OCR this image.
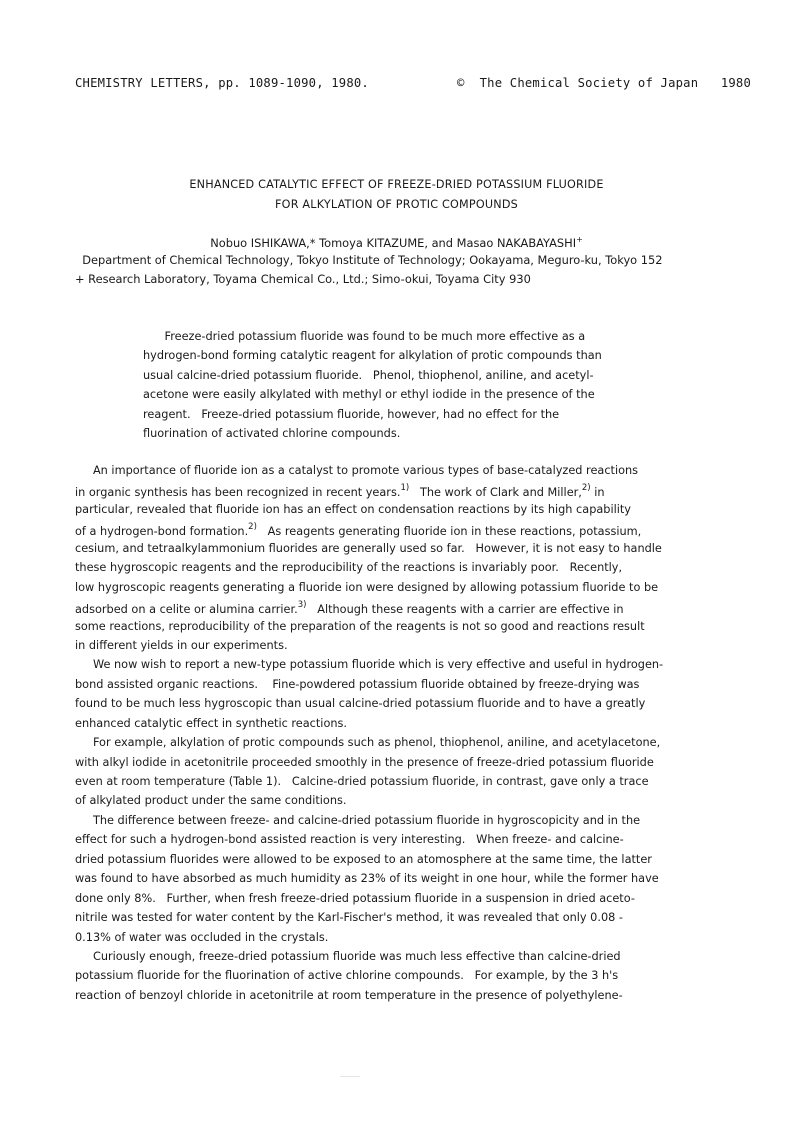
CHEMISTRY LETTERS, pp. 1089-1090, 1980.	©  The Chemical Society of Japan   1980
ENHANCED CATALYTIC EFFECT OF FREEZE-DRIED POTASSIUM FLUORIDE
FOR ALKYLATION OF PROTIC COMPOUNDS
Nobuo ISHIKAWA,* Tomoya KITAZUME, and Masao NAKABAYASHI+
Department of Chemical Technology, Tokyo Institute of Technology; Ookayama, Meguro-ku, Tokyo 152
+ Research Laboratory, Toyama Chemical Co., Ltd.; Simo-okui, Toyama City 930
Freeze-dried potassium fluoride was found to be much more effective as a
hydrogen-bond forming catalytic reagent for alkylation of protic compounds than
usual calcine-dried potassium fluoride.   Phenol, thiophenol, aniline, and acetyl-
acetone were easily alkylated with methyl or ethyl iodide in the presence of the
reagent.   Freeze-dried potassium fluoride, however, had no effect for the
fluorination of activated chlorine compounds.
An importance of fluoride ion as a catalyst to promote various types of base-catalyzed reactions
in organic synthesis has been recognized in recent years.$^{1)}$   The work of Clark and Miller,$^{2)}$ in
particular, revealed that fluoride ion has an effect on condensation reactions by its high capability
of a hydrogen-bond formation.$^{2)}$   As reagents generating fluoride ion in these reactions, potassium,
cesium, and tetraalkylammonium fluorides are generally used so far.   However, it is not easy to handle
these hygroscopic reagents and the reproducibility of the reactions is invariably poor.   Recently,
low hygroscopic reagents generating a fluoride ion were designed by allowing potassium fluoride to be
adsorbed on a celite or alumina carrier.$^{3)}$   Although these reagents with a carrier are effective in
some reactions, reproducibility of the preparation of the reagents is not so good and reactions result
in different yields in our experiments.
We now wish to report a new-type potassium fluoride which is very effective and useful in hydrogen-
bond assisted organic reactions.    Fine-powdered potassium fluoride obtained by freeze-drying was
found to be much less hygroscopic than usual calcine-dried potassium fluoride and to have a greatly
enhanced catalytic effect in synthetic reactions.
For example, alkylation of protic compounds such as phenol, thiophenol, aniline, and acetylacetone,
with alkyl iodide in acetonitrile proceeded smoothly in the presence of freeze-dried potassium fluoride
even at room temperature (Table 1).   Calcine-dried potassium fluoride, in contrast, gave only a trace
of alkylated product under the same conditions.
The difference between freeze- and calcine-dried potassium fluoride in hygroscopicity and in the
effect for such a hydrogen-bond assisted reaction is very interesting.   When freeze- and calcine-
dried potassium fluorides were allowed to be exposed to an atomosphere at the same time, the latter
was found to have absorbed as much humidity as 23% of its weight in one hour, while the former have
done only 8%.   Further, when fresh freeze-dried potassium fluoride in a suspension in dried aceto-
nitrile was tested for water content by the Karl-Fischer's method, it was revealed that only 0.08 -
0.13% of water was occluded in the crystals.
Curiously enough, freeze-dried potassium fluoride was much less effective than calcine-dried
potassium fluoride for the fluorination of active chlorine compounds.   For example, by the 3 h's
reaction of benzoyl chloride in acetonitrile at room temperature in the presence of polyethylene-
